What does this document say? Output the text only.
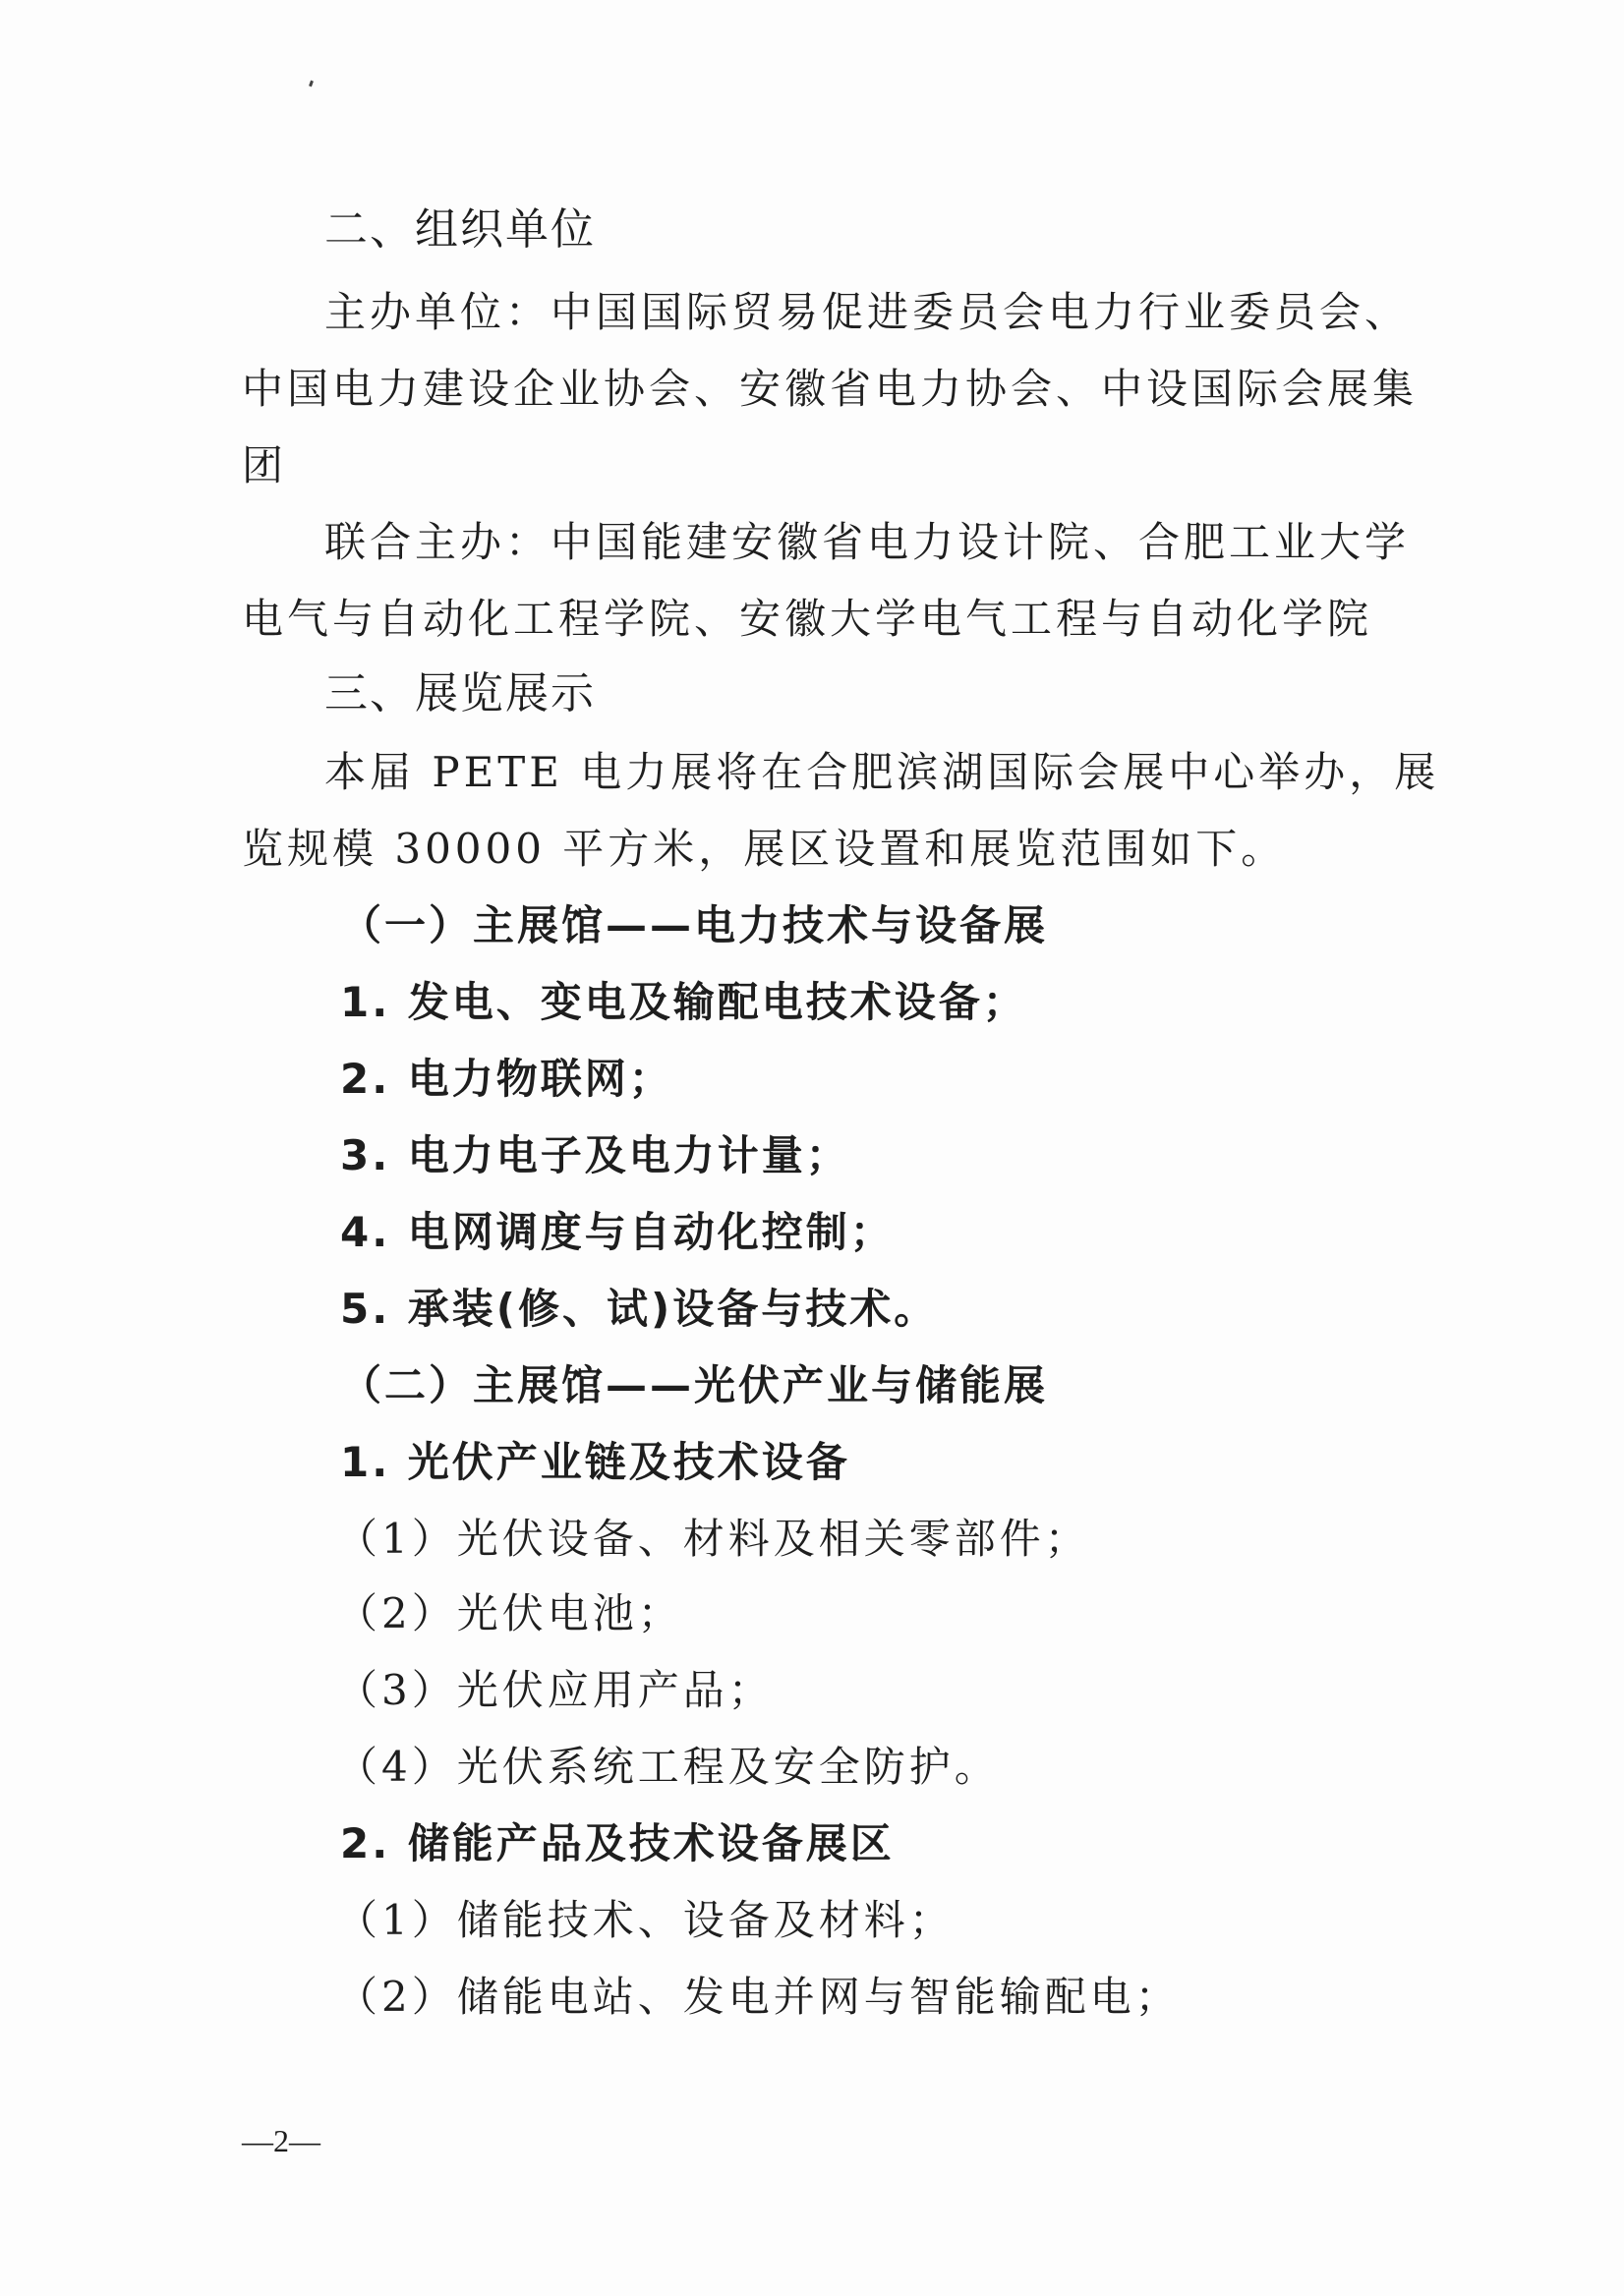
二、组织单位
主办单位：中国国际贸易促进委员会电力行业委员会、
中国电力建设企业协会、安徽省电力协会、中设国际会展集
团
联合主办：中国能建安徽省电力设计院、合肥工业大学
电气与自动化工程学院、安徽大学电气工程与自动化学院
三、展览展示
本届 PETE 电力展将在合肥滨湖国际会展中心举办，展
览规模 30000 平方米，展区设置和展览范围如下。
（一）主展馆——电力技术与设备展
1. 发电、变电及输配电技术设备；
2. 电力物联网；
3. 电力电子及电力计量；
4. 电网调度与自动化控制；
5. 承装(修、试)设备与技术。
（二）主展馆——光伏产业与储能展
1. 光伏产业链及技术设备
（1）光伏设备、材料及相关零部件；
（2）光伏电池；
（3）光伏应用产品；
（4）光伏系统工程及安全防护。
2. 储能产品及技术设备展区
（1）储能技术、设备及材料；
（2）储能电站、发电并网与智能输配电；
—2—
